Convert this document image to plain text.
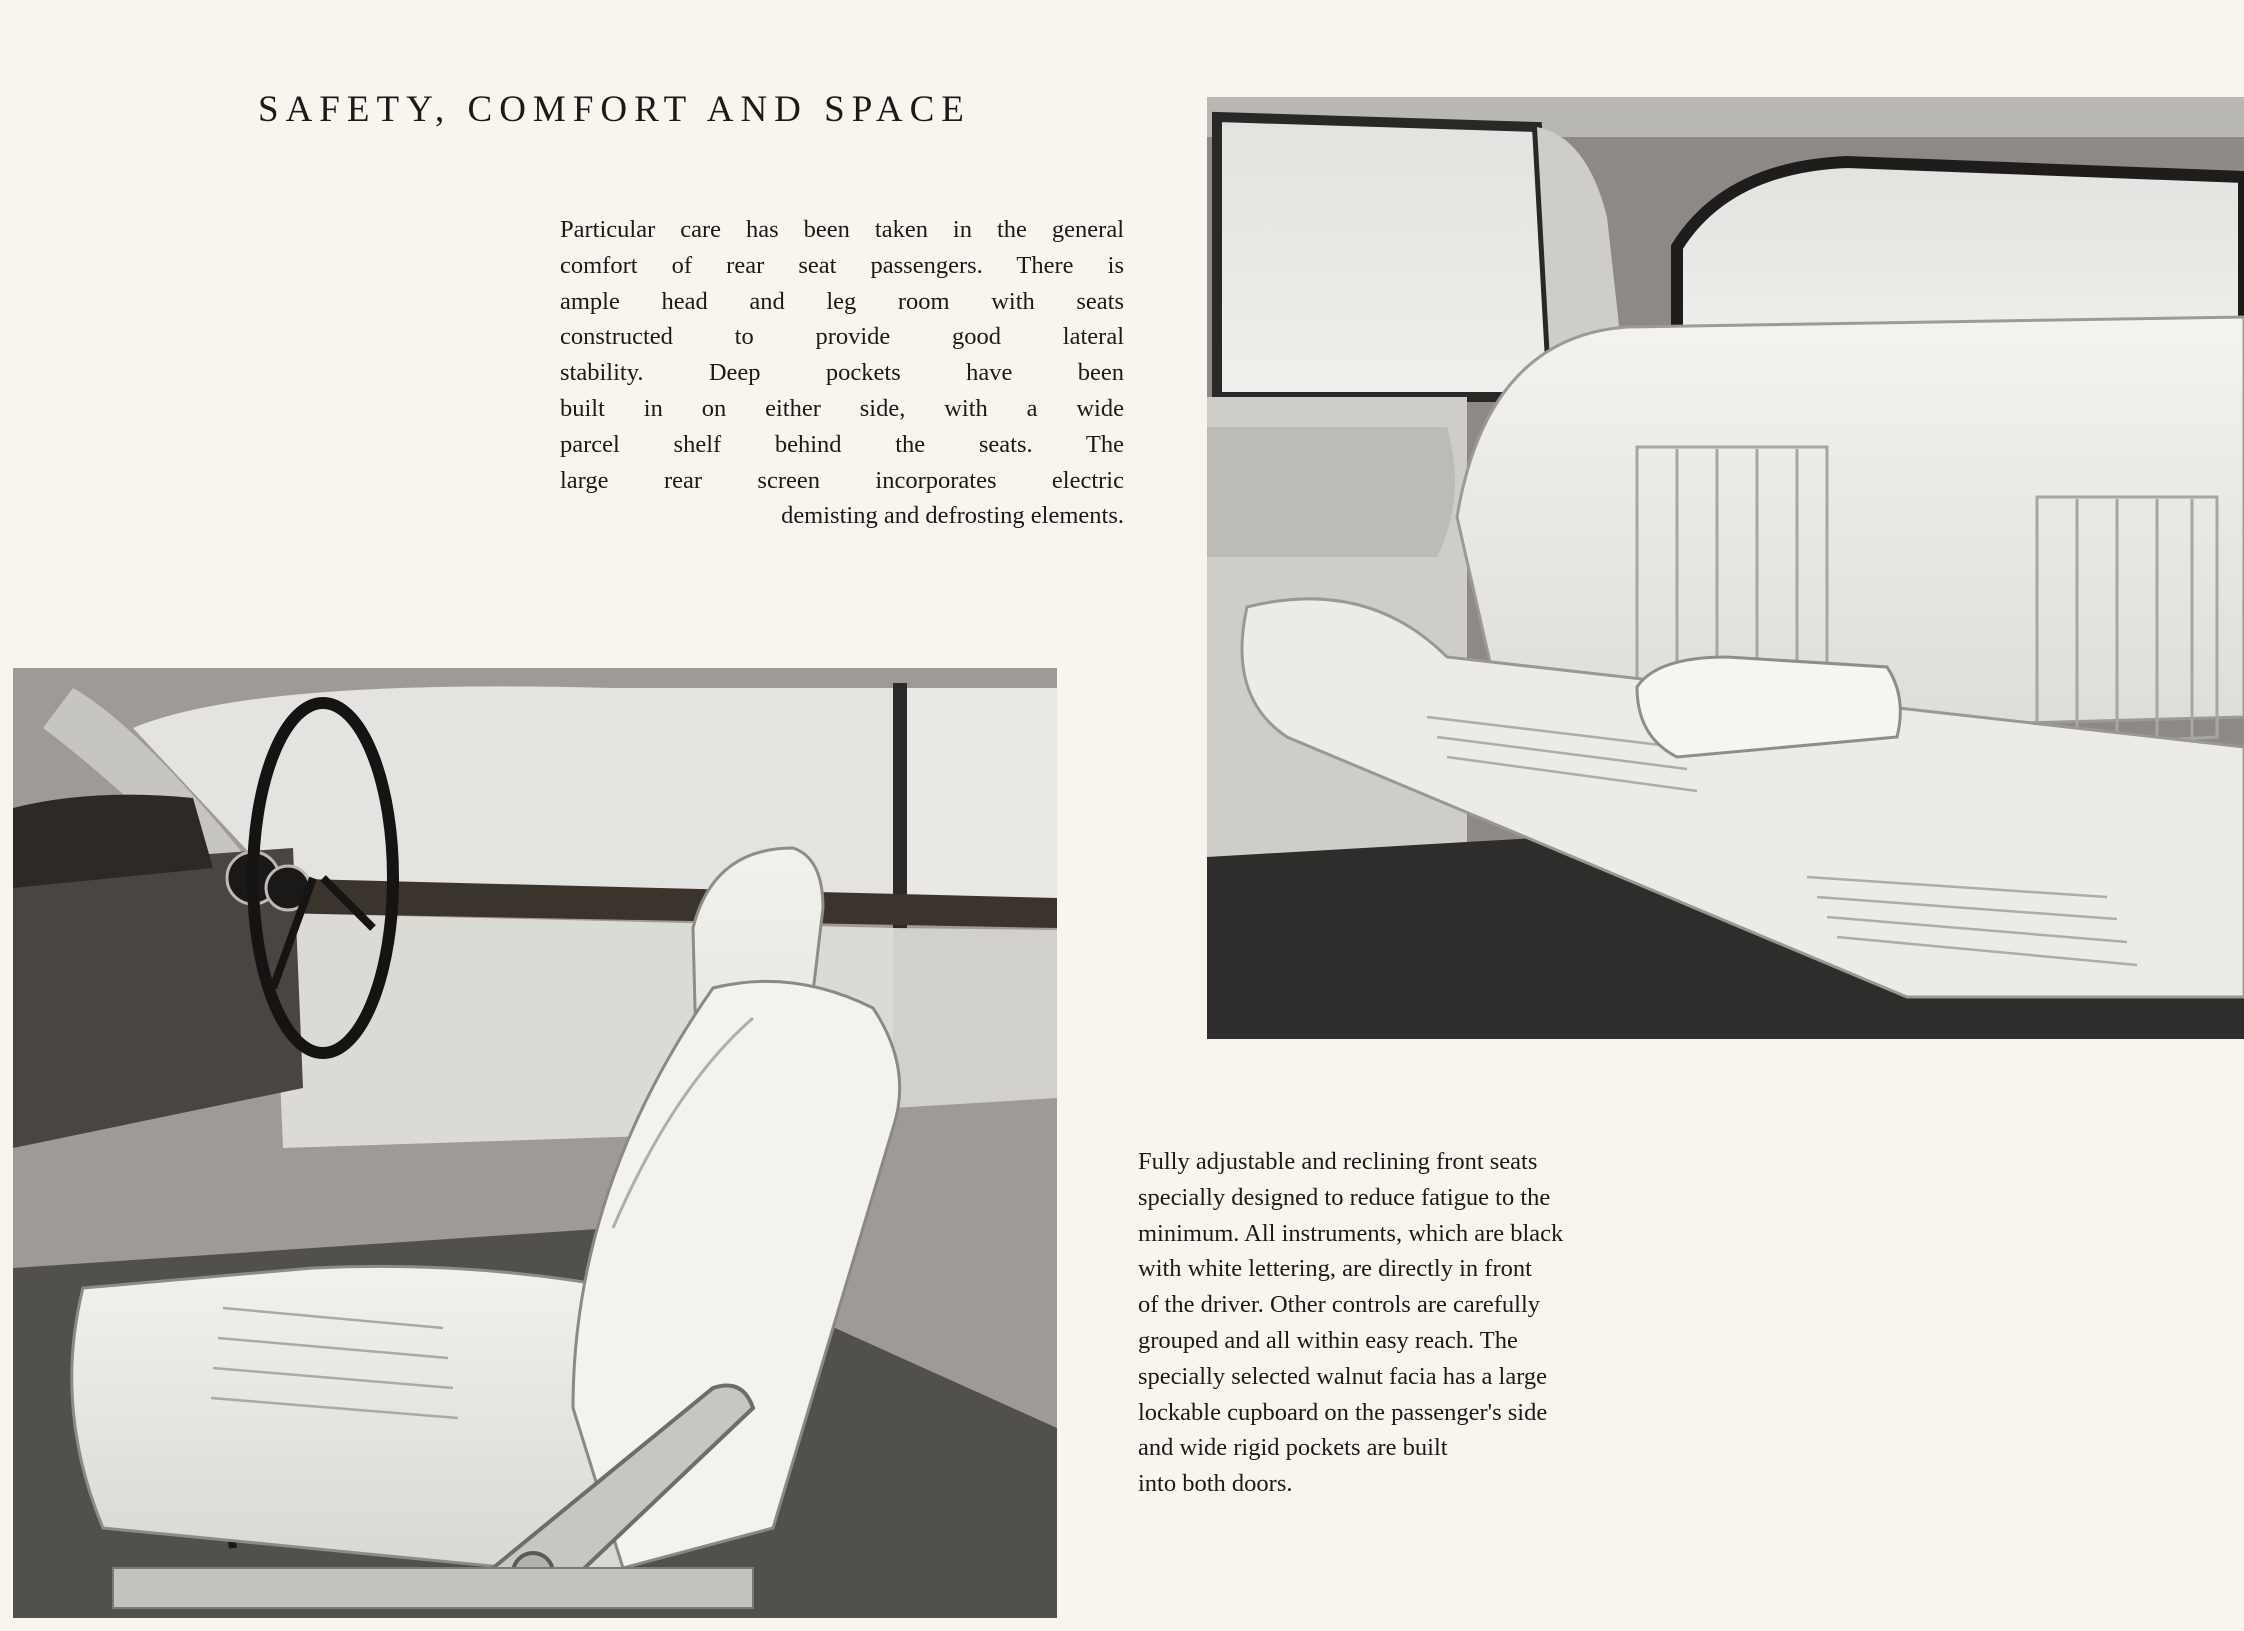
SAFETY, COMFORT AND SPACE

Particular care has been taken in the general
comfort of rear seat passengers. There is
ample head and leg room with seats
constructed to provide good lateral
stability. Deep pockets have been
built in on either side, with a wide
parcel shelf behind the seats. The
large rear screen incorporates electric
demisting and defrosting elements.

Fully adjustable and reclining front seats
specially designed to reduce fatigue to the
minimum. All instruments, which are black
with white lettering, are directly in front
of the driver. Other controls are carefully
grouped and all within easy reach. The
specially selected walnut facia has a large
lockable cupboard on the passenger's side
and wide rigid pockets are built
into both doors.
